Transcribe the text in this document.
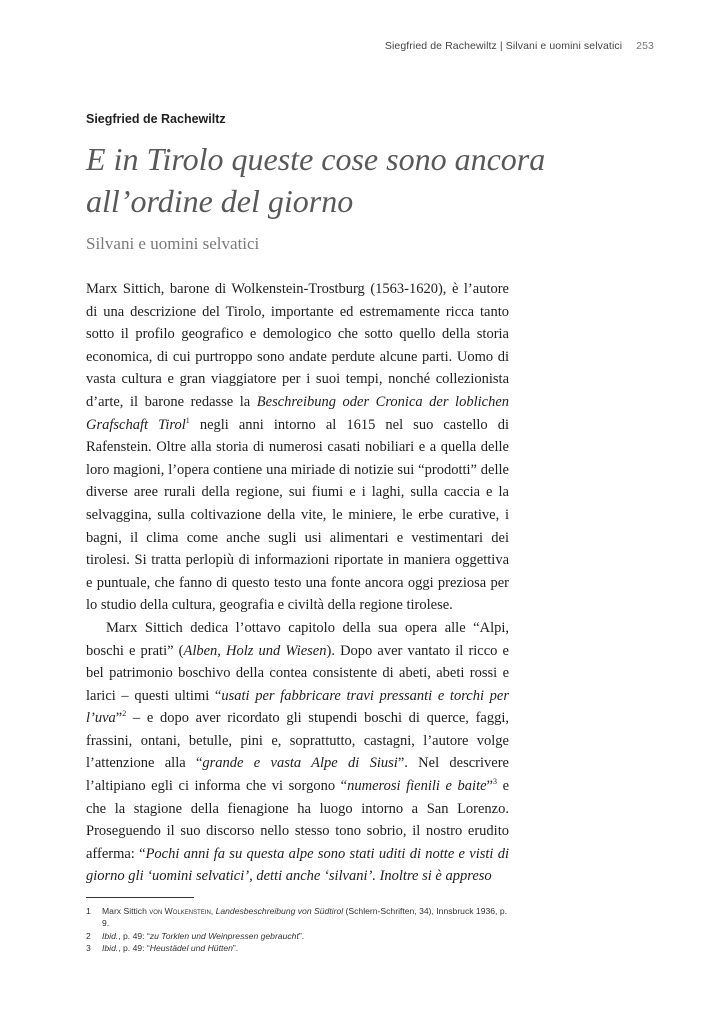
Siegfried de Rachewiltz | Silvani e uomini selvatici 253
Siegfried de Rachewiltz
E in Tirolo queste cose sono ancora all’ordine del giorno
Silvani e uomini selvatici

Marx Sittich, barone di Wolkenstein-Trostburg (1563-1620), è l’autore di una descrizione del Tirolo, importante ed estremamente ricca tanto sotto il profilo geografico e demologico che sotto quello della storia economica, di cui purtroppo sono andate perdute alcune parti. Uomo di vasta cultura e gran viaggiatore per i suoi tempi, nonché collezionista d’arte, il barone redasse la Beschreibung oder Cronica der loblichen Grafschaft Tirol$^1$ negli anni intorno al 1615 nel suo castello di Rafenstein. Oltre alla storia di numerosi casati nobiliari e a quella delle loro magioni, l’opera contiene una miriade di notizie sui “prodotti” delle diverse aree rurali della regione, sui fiumi e i laghi, sulla caccia e la selvaggina, sulla coltivazione della vite, le miniere, le erbe curative, i bagni, il clima come anche sugli usi alimentari e vestimentari dei tirolesi. Si tratta perlopiù di informazioni riportate in maniera oggettiva e puntuale, che fanno di questo testo una fonte ancora oggi preziosa per lo studio della cultura, geografia e civiltà della regione tirolese.

Marx Sittich dedica l’ottavo capitolo della sua opera alle “Alpi, boschi e prati” (Alben, Holz und Wiesen). Dopo aver vantato il ricco e bel patrimonio boschivo della contea consistente di abeti, abeti rossi e larici – questi ultimi “usati per fabbricare travi pressanti e torchi per l’uva”$^2$ – e dopo aver ricordato gli stupendi boschi di querce, faggi, frassini, ontani, betulle, pini e, soprattutto, castagni, l’autore volge l’attenzione alla “grande e vasta Alpe di Siusi”. Nel descrivere l’altipiano egli ci informa che vi sorgono “numerosi fienili e baite”$^3$ e che la stagione della fienagione ha luogo intorno a San Lorenzo. Proseguendo il suo discorso nello stesso tono sobrio, il nostro erudito afferma: “Pochi anni fa su questa alpe sono stati uditi di notte e visti di giorno gli ‘uomini selvatici’, detti anche ‘silvani’. Inoltre si è appreso

1	Marx Sittich von Wolkenstein, Landesbeschreibung von Südtirol (Schlern-Schriften, 34), Innsbruck 1936, p. 9.
2	Ibid., p. 49: “zu Torklen und Weinpressen gebraucht”.
3	Ibid., p. 49: “Heustädel und Hütten”.
